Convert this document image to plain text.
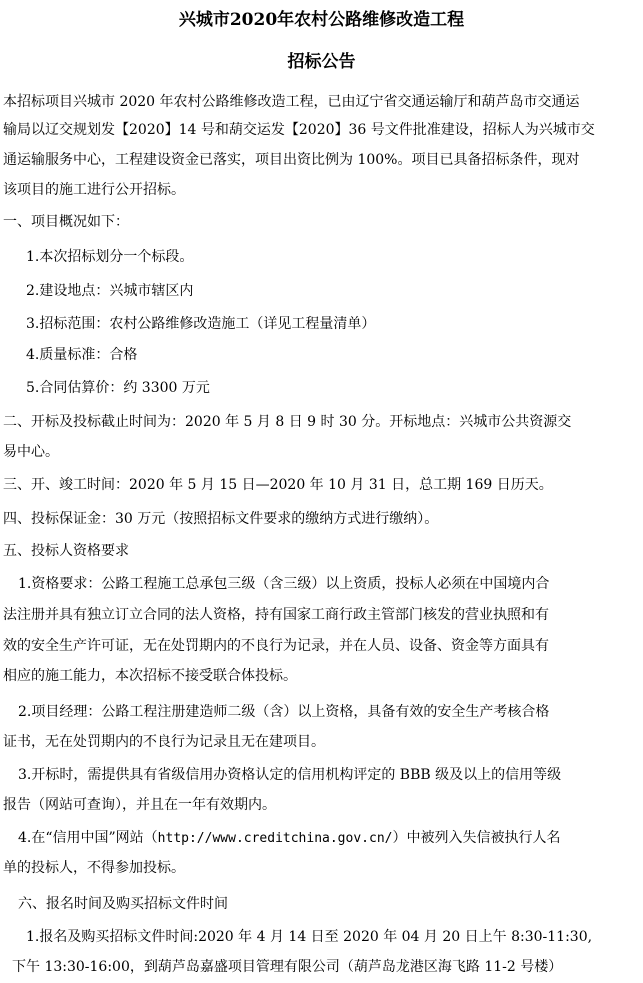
兴城市2020年农村公路维修改造工程
招标公告
本招标项目兴城市 2020 年农村公路维修改造工程，已由辽宁省交通运输厅和葫芦岛市交通运
输局以辽交规划发【2020】14 号和葫交运发【2020】36 号文件批准建设，招标人为兴城市交
通运输服务中心，工程建设资金已落实，项目出资比例为 100%。项目已具备招标条件，现对
该项目的施工进行公开招标。
一、项目概况如下：
1.本次招标划分一个标段。
2.建设地点：兴城市辖区内
3.招标范围：农村公路维修改造施工（详见工程量清单）
4.质量标准：合格
5.合同估算价：约 3300 万元
二、开标及投标截止时间为：2020 年 5 月 8 日 9 时 30 分。开标地点：兴城市公共资源交
易中心。
三、开、竣工时间：2020 年 5 月 15 日—2020 年 10 月 31 日，总工期 169 日历天。
四、投标保证金：30 万元（按照招标文件要求的缴纳方式进行缴纳）。
五、投标人资格要求
1.资格要求：公路工程施工总承包三级（含三级）以上资质，投标人必须在中国境内合
法注册并具有独立订立合同的法人资格，持有国家工商行政主管部门核发的营业执照和有
效的安全生产许可证，无在处罚期内的不良行为记录，并在人员、设备、资金等方面具有
相应的施工能力，本次招标不接受联合体投标。
2.项目经理：公路工程注册建造师二级（含）以上资格，具备有效的安全生产考核合格
证书，无在处罚期内的不良行为记录且无在建项目。
3.开标时，需提供具有省级信用办资格认定的信用机构评定的 BBB 级及以上的信用等级
报告（网站可查询），并且在一年有效期内。
4.在“信用中国”网站（http://www.creditchina.gov.cn/）中被列入失信被执行人名
单的投标人，不得参加投标。
六、报名时间及购买招标文件时间
1.报名及购买招标文件时间:2020 年 4 月 14 日至 2020 年 04 月 20 日上午 8:30-11:30,
下午 13:30-16:00，到葫芦岛嘉盛项目管理有限公司（葫芦岛龙港区海飞路 11-2 号楼）
